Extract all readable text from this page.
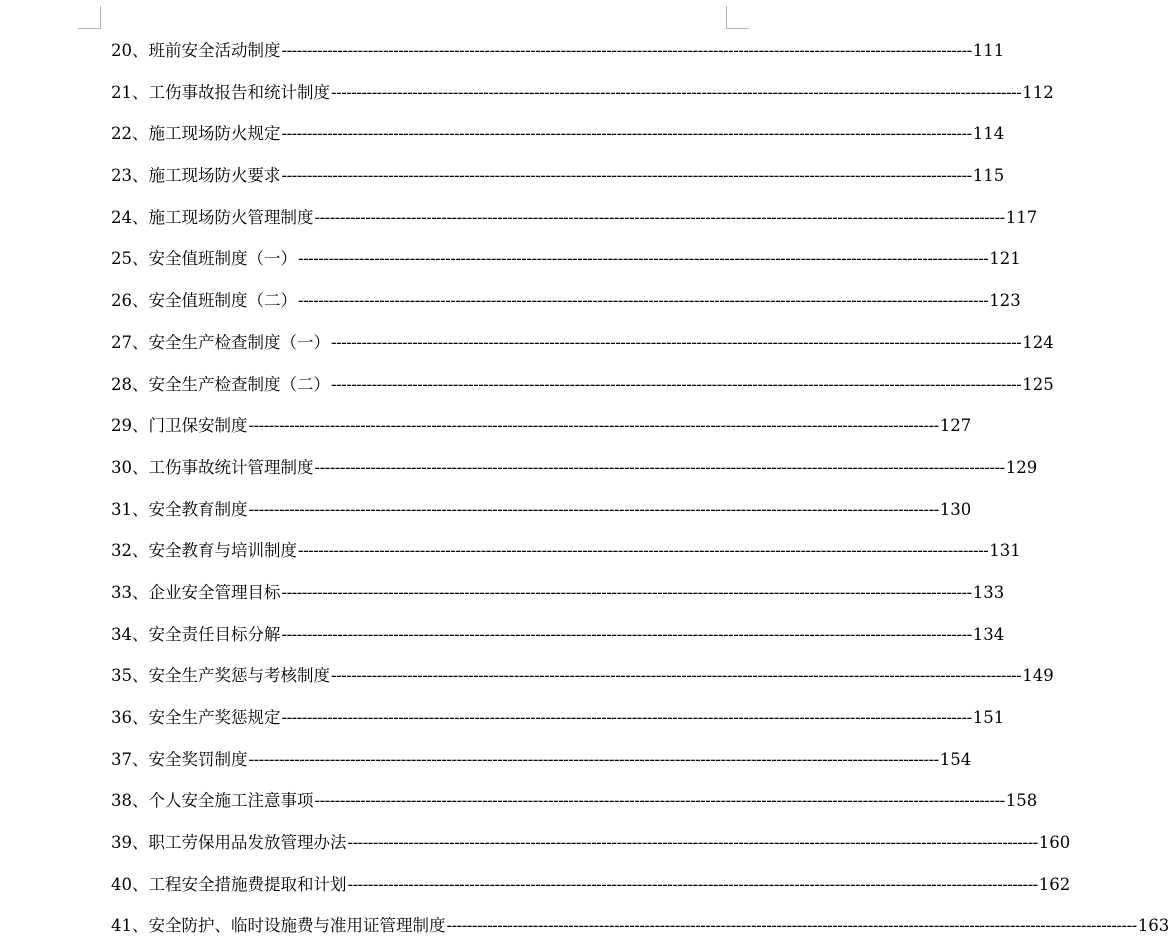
20 、 班前安全活动制度 ---------------------------------------------------------------------------------------------------------------------------------------- 111
21 、 工伤事故报告和统计制度 ---------------------------------------------------------------------------------------------------------------------------------------- 112
22 、 施工现场防火规定 ---------------------------------------------------------------------------------------------------------------------------------------- 114
23 、 施工现场防火要求 ---------------------------------------------------------------------------------------------------------------------------------------- 115
24 、 施工现场防火管理制度 ---------------------------------------------------------------------------------------------------------------------------------------- 117
25 、 安全值班制度（一） ---------------------------------------------------------------------------------------------------------------------------------------- 121
26 、 安全值班制度（二） ---------------------------------------------------------------------------------------------------------------------------------------- 123
27 、 安全生产检查制度（一） ---------------------------------------------------------------------------------------------------------------------------------------- 124
28 、 安全生产检查制度（二） ---------------------------------------------------------------------------------------------------------------------------------------- 125
29 、 门卫保安制度 ---------------------------------------------------------------------------------------------------------------------------------------- 127
30 、 工伤事故统计管理制度 ---------------------------------------------------------------------------------------------------------------------------------------- 129
31 、 安全教育制度 ---------------------------------------------------------------------------------------------------------------------------------------- 130
32 、 安全教育与培训制度 ---------------------------------------------------------------------------------------------------------------------------------------- 131
33 、 企业安全管理目标 ---------------------------------------------------------------------------------------------------------------------------------------- 133
34 、 安全责任目标分解 ---------------------------------------------------------------------------------------------------------------------------------------- 134
35 、 安全生产奖惩与考核制度 ---------------------------------------------------------------------------------------------------------------------------------------- 149
36 、 安全生产奖惩规定 ---------------------------------------------------------------------------------------------------------------------------------------- 151
37 、 安全奖罚制度 ---------------------------------------------------------------------------------------------------------------------------------------- 154
38 、 个人安全施工注意事项 ---------------------------------------------------------------------------------------------------------------------------------------- 158
39 、 职工劳保用品发放管理办法 ---------------------------------------------------------------------------------------------------------------------------------------- 160
40 、 工程安全措施费提取和计划 ---------------------------------------------------------------------------------------------------------------------------------------- 162
41 、 安全防护、临时设施费与准用证管理制度 ---------------------------------------------------------------------------------------------------------------------------------------- 163
